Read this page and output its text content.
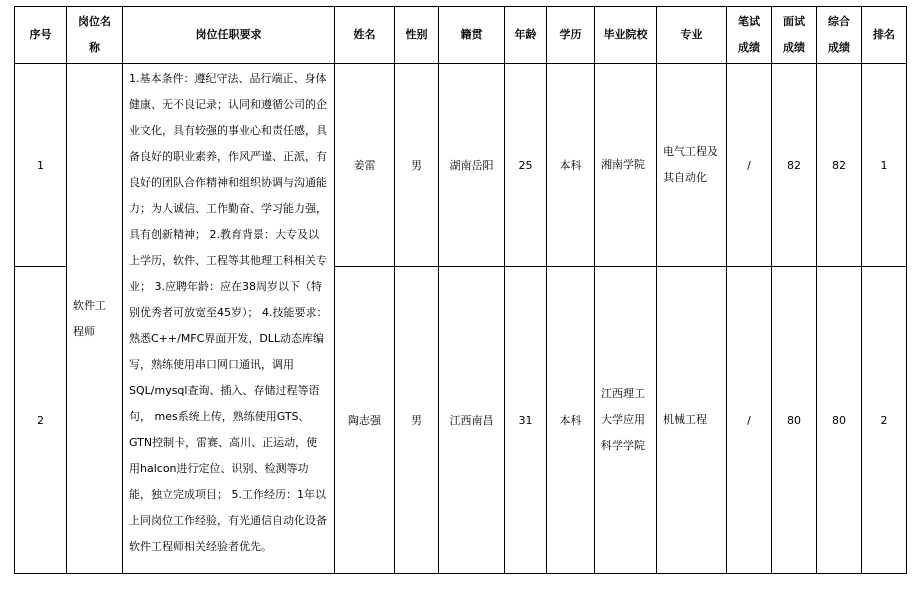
序号	岗位名称	岗位任职要求	姓名	性别	籍贯	年龄	学历	毕业院校	专业	笔试成绩	面试成绩	综合成绩	排名
1	软件工程师	1.基本条件：遵纪守法、品行端正、身体健康、无不良记录；认同和遵循公司的企业文化，具有较强的事业心和责任感，具备良好的职业素养，作风严谨、正派，有良好的团队合作精神和组织协调与沟通能力；为人诚信、工作勤奋、学习能力强，具有创新精神； 2.教育背景：大专及以上学历，软件、工程等其他理工科相关专业； 3.应聘年龄：应在38周岁以下（特别优秀者可放宽至45岁）； 4.技能要求：熟悉C++/MFC界面开发，DLL动态库编写，熟练使用串口网口通讯，调用SQL/mysql查询、插入、存储过程等语句， mes系统上传，熟练使用GTS、GTN控制卡，雷赛、高川、正运动，使用halcon进行定位、识别、检测等功能，独立完成项目； 5.工作经历：1年以上同岗位工作经验，有光通信自动化设备软件工程师相关经验者优先。	姜雷	男	湖南岳阳	25	本科	湘南学院	电气工程及其自动化	/	82	82	1
2			陶志强	男	江西南昌	31	本科	江西理工大学应用科学学院	机械工程	/	80	80	2
